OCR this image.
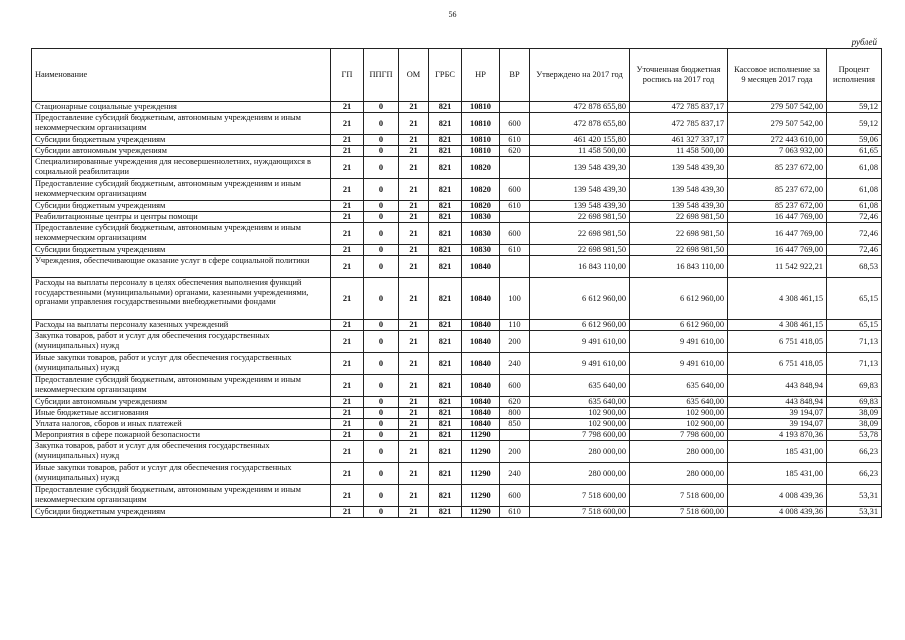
56
рублей
Наименование	ГП	ППГП	ОМ	ГРБС	НР	ВР	Утверждено на 2017 год	Уточненная бюджетная роспись на 2017 год	Кассовое исполнение за 9 месяцев 2017 года	Процент исполнения
Стационарные социальные учреждения	21	0	21	821	10810		472 878 655,80	472 785 837,17	279 507 542,00	59,12
Предоставление субсидий бюджетным, автономным учреждениям и иным некоммерческим организациям	21	0	21	821	10810	600	472 878 655,80	472 785 837,17	279 507 542,00	59,12
Субсидии бюджетным учреждениям	21	0	21	821	10810	610	461 420 155,80	461 327 337,17	272 443 610,00	59,06
Субсидии автономным учреждениям	21	0	21	821	10810	620	11 458 500,00	11 458 500,00	7 063 932,00	61,65
Специализированные учреждения для несовершеннолетних, нуждающихся в социальной реабилитации	21	0	21	821	10820		139 548 439,30	139 548 439,30	85 237 672,00	61,08
Предоставление субсидий бюджетным, автономным учреждениям и иным некоммерческим организациям	21	0	21	821	10820	600	139 548 439,30	139 548 439,30	85 237 672,00	61,08
Субсидии бюджетным учреждениям	21	0	21	821	10820	610	139 548 439,30	139 548 439,30	85 237 672,00	61,08
Реабилитационные центры и центры помощи	21	0	21	821	10830		22 698 981,50	22 698 981,50	16 447 769,00	72,46
Предоставление субсидий бюджетным, автономным учреждениям и иным некоммерческим организациям	21	0	21	821	10830	600	22 698 981,50	22 698 981,50	16 447 769,00	72,46
Субсидии бюджетным учреждениям	21	0	21	821	10830	610	22 698 981,50	22 698 981,50	16 447 769,00	72,46
Учреждения, обеспечивающие оказание услуг в сфере социальной политики	21	0	21	821	10840		16 843 110,00	16 843 110,00	11 542 922,21	68,53
Расходы на выплаты персоналу в целях обеспечения выполнения функций государственными (муниципальными) органами, казенными учреждениями, органами управления государственными внебюджетными фондами	21	0	21	821	10840	100	6 612 960,00	6 612 960,00	4 308 461,15	65,15
Расходы на выплаты персоналу казенных учреждений	21	0	21	821	10840	110	6 612 960,00	6 612 960,00	4 308 461,15	65,15
Закупка товаров, работ и услуг для обеспечения государственных (муниципальных) нужд	21	0	21	821	10840	200	9 491 610,00	9 491 610,00	6 751 418,05	71,13
Иные закупки товаров, работ и услуг для обеспечения государственных (муниципальных) нужд	21	0	21	821	10840	240	9 491 610,00	9 491 610,00	6 751 418,05	71,13
Предоставление субсидий бюджетным, автономным учреждениям и иным некоммерческим организациям	21	0	21	821	10840	600	635 640,00	635 640,00	443 848,94	69,83
Субсидии автономным учреждениям	21	0	21	821	10840	620	635 640,00	635 640,00	443 848,94	69,83
Иные бюджетные ассигнования	21	0	21	821	10840	800	102 900,00	102 900,00	39 194,07	38,09
Уплата налогов, сборов и иных платежей	21	0	21	821	10840	850	102 900,00	102 900,00	39 194,07	38,09
Мероприятия в сфере пожарной безопасности	21	0	21	821	11290		7 798 600,00	7 798 600,00	4 193 870,36	53,78
Закупка товаров, работ и услуг для обеспечения государственных (муниципальных) нужд	21	0	21	821	11290	200	280 000,00	280 000,00	185 431,00	66,23
Иные закупки товаров, работ и услуг для обеспечения государственных (муниципальных) нужд	21	0	21	821	11290	240	280 000,00	280 000,00	185 431,00	66,23
Предоставление субсидий бюджетным, автономным учреждениям и иным некоммерческим организациям	21	0	21	821	11290	600	7 518 600,00	7 518 600,00	4 008 439,36	53,31
Субсидии бюджетным учреждениям	21	0	21	821	11290	610	7 518 600,00	7 518 600,00	4 008 439,36	53,31
